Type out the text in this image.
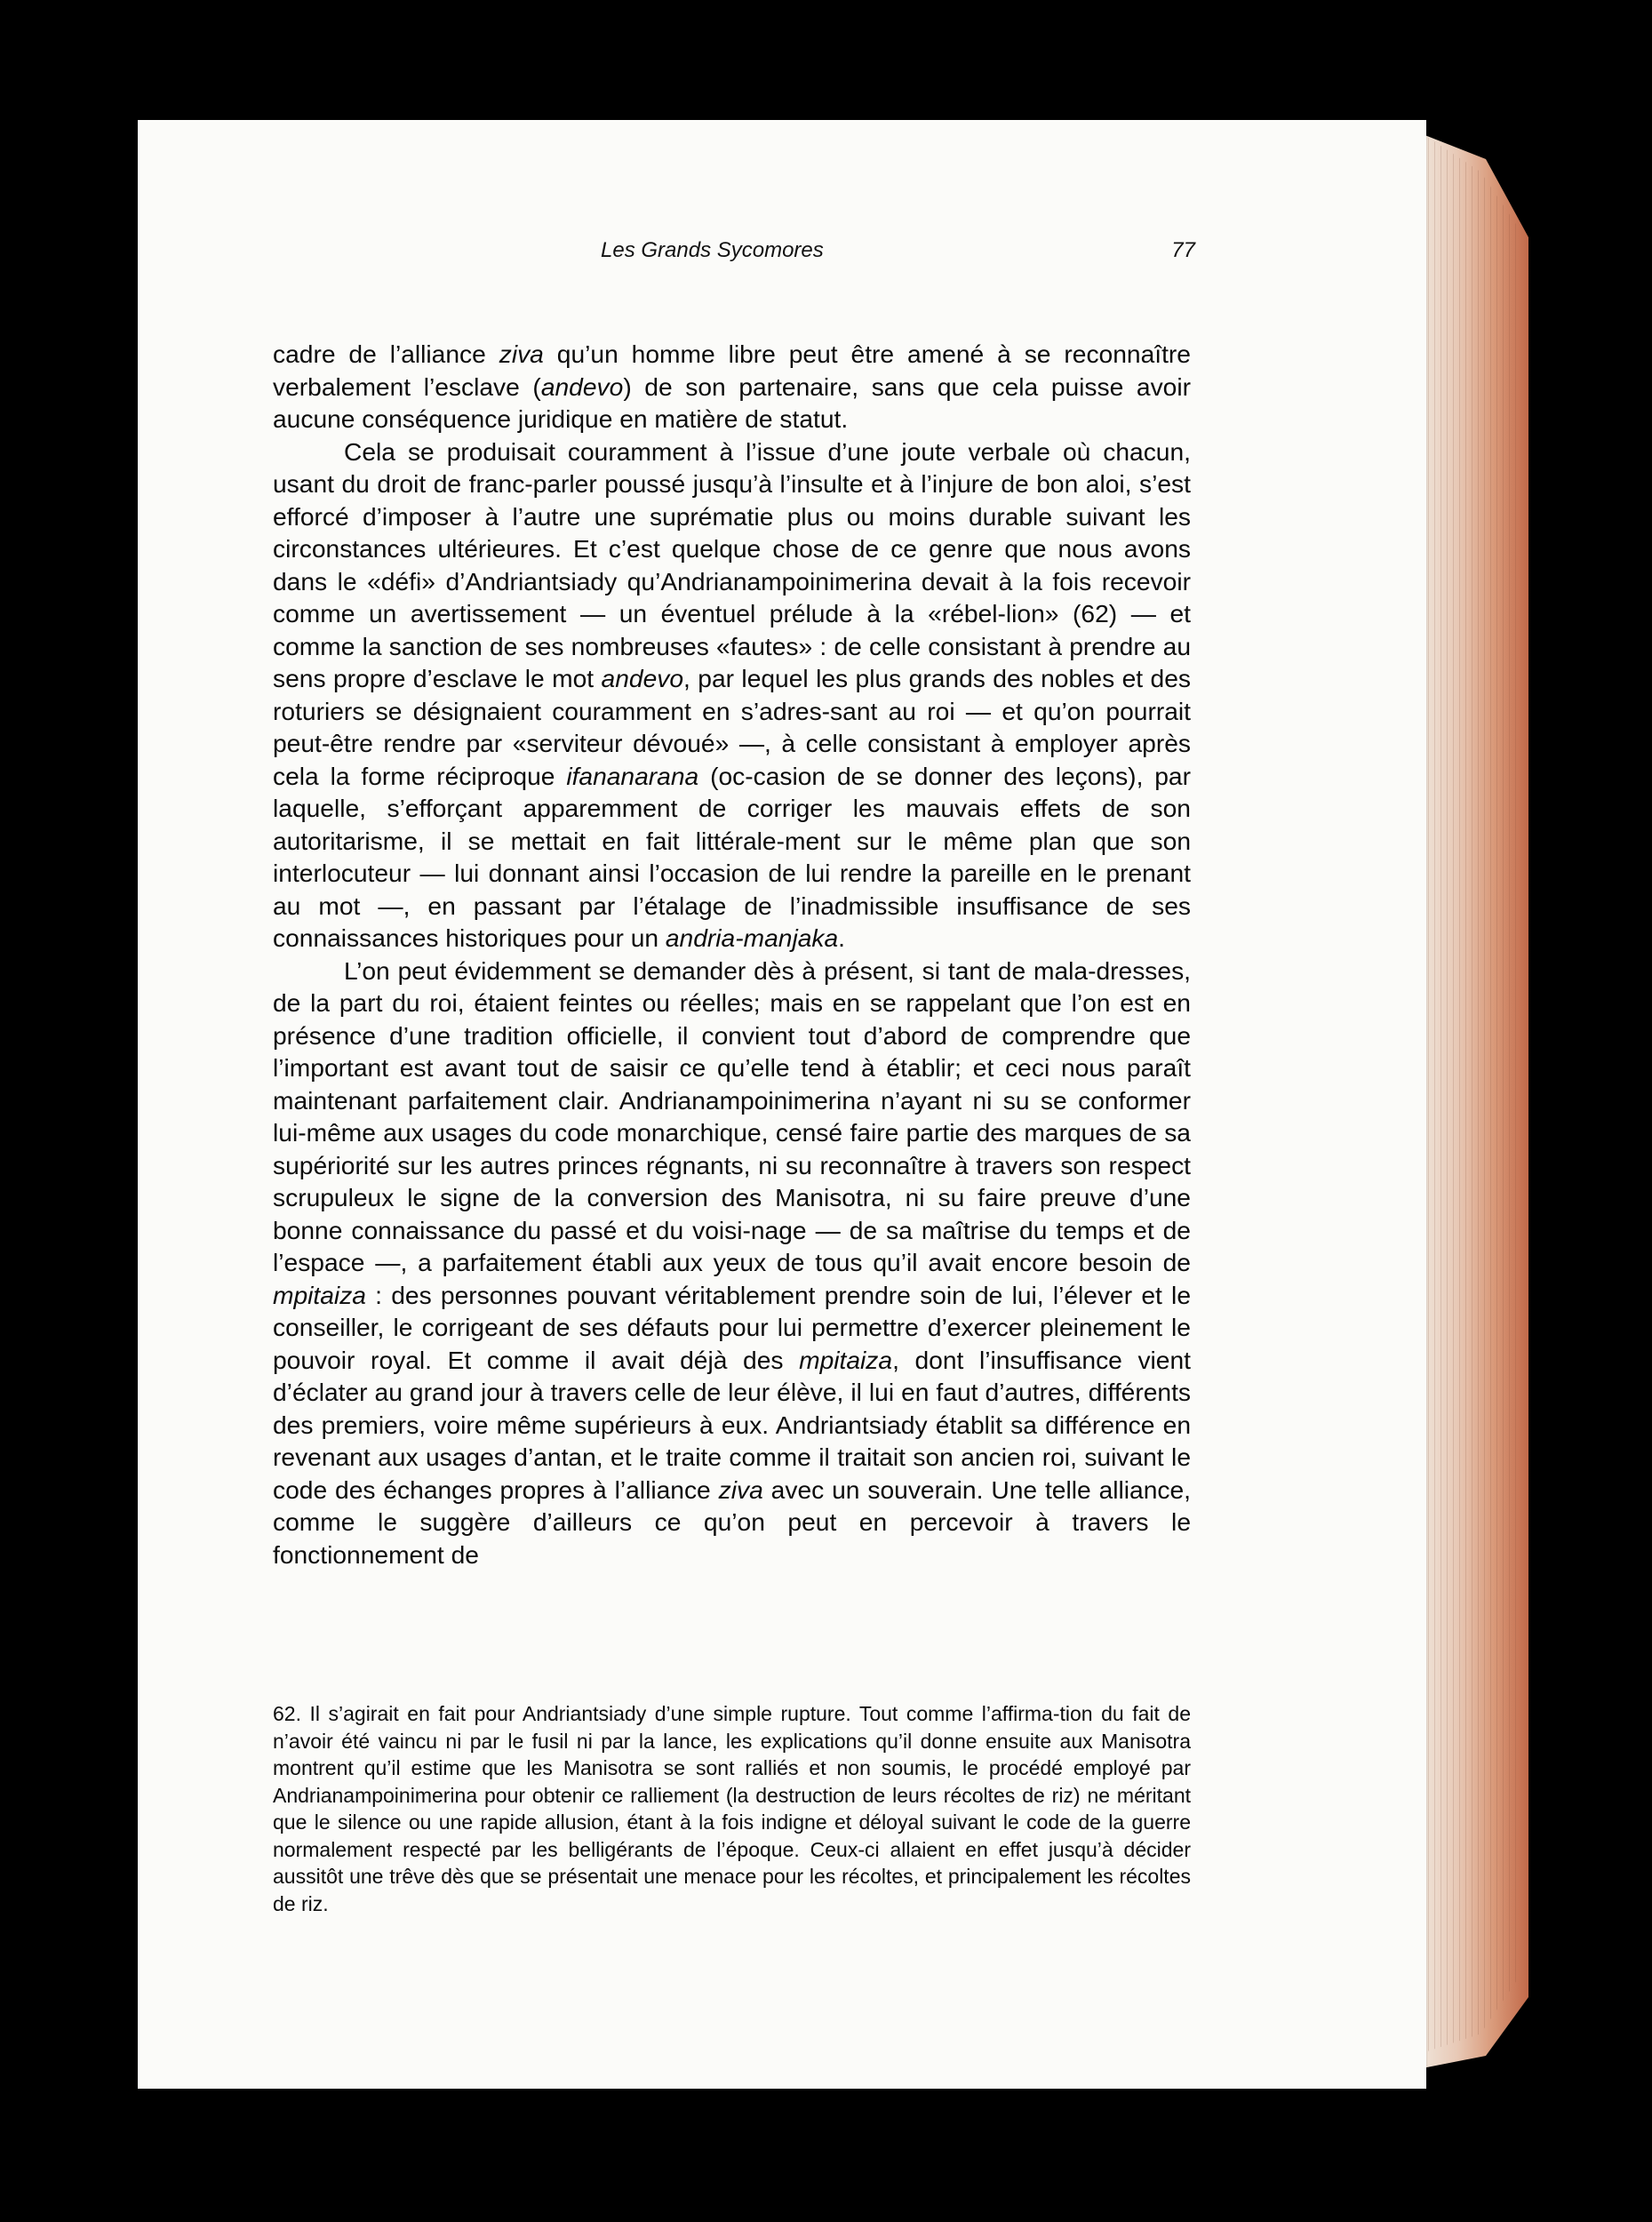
Les Grands Sycomores	77

cadre de l’alliance ziva qu’un homme libre peut être amené à se reconnaître verbalement l’esclave (andevo) de son partenaire, sans que cela puisse avoir aucune conséquence juridique en matière de statut.

Cela se produisait couramment à l’issue d’une joute verbale où chacun, usant du droit de franc-parler poussé jusqu’à l’insulte et à l’injure de bon aloi, s’est efforcé d’imposer à l’autre une suprématie plus ou moins durable suivant les circonstances ultérieures. Et c’est quelque chose de ce genre que nous avons dans le «défi» d’Andriantsiady qu’Andrianampoinimerina devait à la fois recevoir comme un avertissement — un éventuel prélude à la «rébel-lion» (62) — et comme la sanction de ses nombreuses «fautes» : de celle consistant à prendre au sens propre d’esclave le mot andevo, par lequel les plus grands des nobles et des roturiers se désignaient couramment en s’adres-sant au roi — et qu’on pourrait peut-être rendre par «serviteur dévoué» —, à celle consistant à employer après cela la forme réciproque ifananarana (oc-casion de se donner des leçons), par laquelle, s’efforçant apparemment de corriger les mauvais effets de son autoritarisme, il se mettait en fait littérale-ment sur le même plan que son interlocuteur — lui donnant ainsi l’occasion de lui rendre la pareille en le prenant au mot —, en passant par l’étalage de l’inadmissible insuffisance de ses connaissances historiques pour un andria-manjaka.

L’on peut évidemment se demander dès à présent, si tant de mala-dresses, de la part du roi, étaient feintes ou réelles; mais en se rappelant que l’on est en présence d’une tradition officielle, il convient tout d’abord de comprendre que l’important est avant tout de saisir ce qu’elle tend à établir; et ceci nous paraît maintenant parfaitement clair. Andrianampoinimerina n’ayant ni su se conformer lui-même aux usages du code monarchique, censé faire partie des marques de sa supériorité sur les autres princes régnants, ni su reconnaître à travers son respect scrupuleux le signe de la conversion des Manisotra, ni su faire preuve d’une bonne connaissance du passé et du voisi-nage — de sa maîtrise du temps et de l’espace —, a parfaitement établi aux yeux de tous qu’il avait encore besoin de mpitaiza : des personnes pouvant véritablement prendre soin de lui, l’élever et le conseiller, le corrigeant de ses défauts pour lui permettre d’exercer pleinement le pouvoir royal. Et comme il avait déjà des mpitaiza, dont l’insuffisance vient d’éclater au grand jour à travers celle de leur élève, il lui en faut d’autres, différents des premiers, voire même supérieurs à eux. Andriantsiady établit sa différence en revenant aux usages d’antan, et le traite comme il traitait son ancien roi, suivant le code des échanges propres à l’alliance ziva avec un souverain. Une telle alliance, comme le suggère d’ailleurs ce qu’on peut en percevoir à travers le fonctionnement de

62. Il s’agirait en fait pour Andriantsiady d’une simple rupture. Tout comme l’affirma-tion du fait de n’avoir été vaincu ni par le fusil ni par la lance, les explications qu’il donne ensuite aux Manisotra montrent qu’il estime que les Manisotra se sont ralliés et non soumis, le procédé employé par Andrianampoinimerina pour obtenir ce ralliement (la destruction de leurs récoltes de riz) ne méritant que le silence ou une rapide allusion, étant à la fois indigne et déloyal suivant le code de la guerre normalement respecté par les belligérants de l’époque. Ceux-ci allaient en effet jusqu’à décider aussitôt une trêve dès que se présentait une menace pour les récoltes, et principalement les récoltes de riz.
